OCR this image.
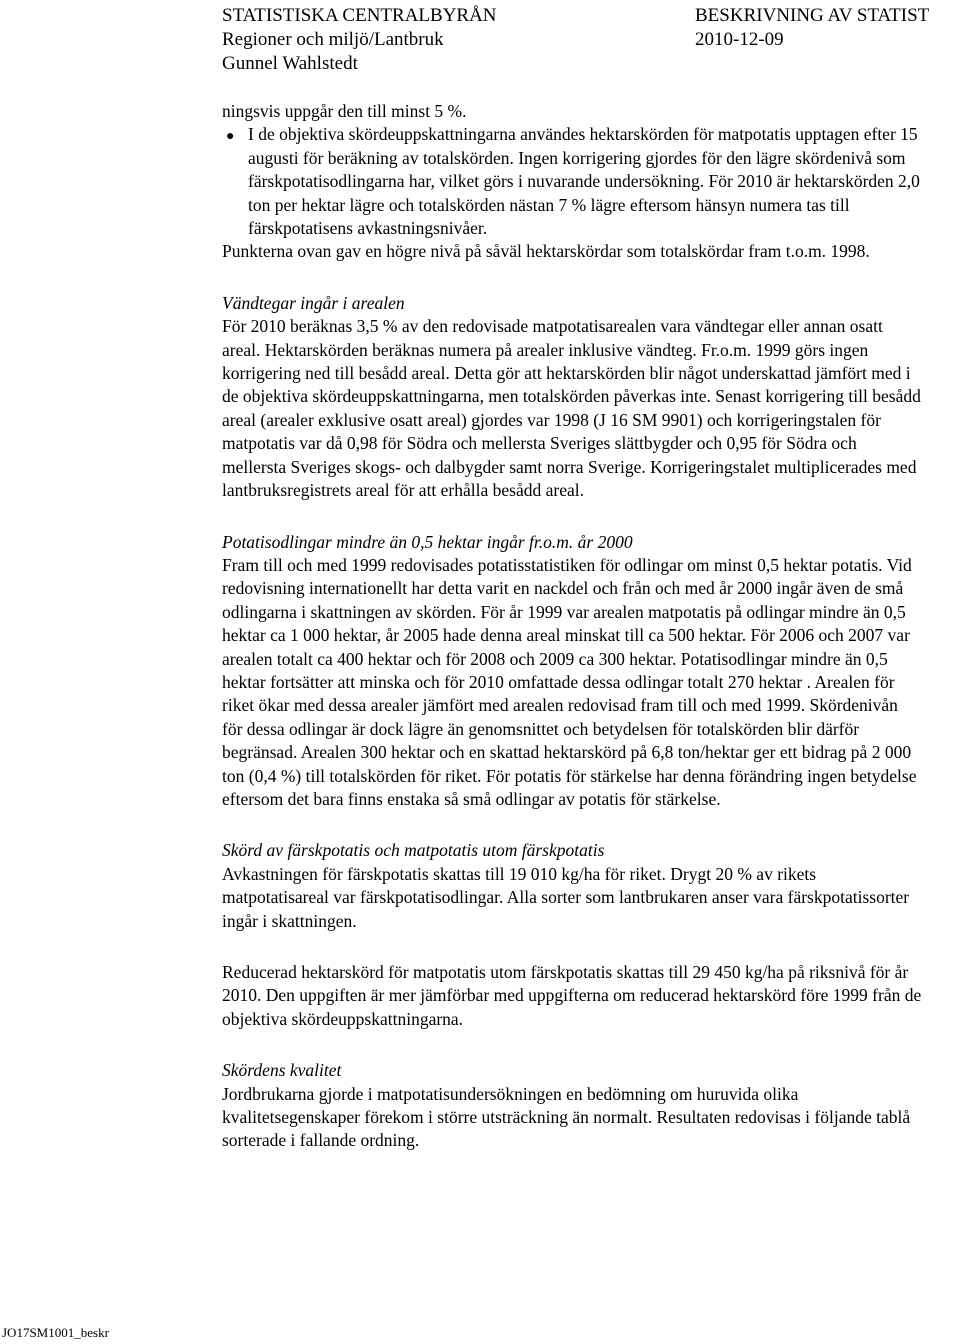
STATISTISKA CENTRALBYRÅN	BESKRIVNING AV STATIST
Regioner och miljö/Lantbruk	2010-12-09
Gunnel Wahlstedt

ningsvis uppgår den till minst 5 %.

● I de objektiva skördeuppskattningarna användes hektarskörden för matpotatis upptagen efter 15 augusti för beräkning av totalskörden. Ingen korrigering gjordes för den lägre skördenivå som färskpotatisodlingarna har, vilket görs i nuvarande undersökning. För 2010 är hektarskörden 2,0 ton per hektar lägre och totalskörden nästan 7 % lägre eftersom hänsyn numera tas till färskpotatisens avkastningsnivåer.

Punkterna ovan gav en högre nivå på såväl hektarskördar som totalskördar fram t.o.m. 1998.

Vändtegar ingår i arealen

För 2010 beräknas 3,5 % av den redovisade matpotatisarealen vara vändtegar eller annan osatt areal. Hektarskörden beräknas numera på arealer inklusive vändteg. Fr.o.m. 1999 görs ingen korrigering ned till besådd areal. Detta gör att hektarskörden blir något underskattad jämfört med i de objektiva skördeuppskattningarna, men totalskörden påverkas inte. Senast korrigering till besådd areal (arealer exklusive osatt areal) gjordes var 1998 (J 16 SM 9901) och korrigeringstalen för matpotatis var då 0,98 för Södra och mellersta Sveriges slättbygder och 0,95 för Södra och mellersta Sveriges skogs- och dalbygder samt norra Sverige. Korrigeringstalet multiplicerades med lantbruksregistrets areal för att erhålla besådd areal.

Potatisodlingar mindre än 0,5 hektar ingår fr.o.m. år 2000

Fram till och med 1999 redovisades potatisstatistiken för odlingar om minst 0,5 hektar potatis. Vid redovisning internationellt har detta varit en nackdel och från och med år 2000 ingår även de små odlingarna i skattningen av skörden. För år 1999 var arealen matpotatis på odlingar mindre än 0,5 hektar ca 1 000 hektar, år 2005 hade denna areal minskat till ca 500 hektar. För 2006 och 2007 var arealen totalt ca 400 hektar och för 2008 och 2009 ca 300 hektar. Potatisodlingar mindre än 0,5 hektar fortsätter att minska och för 2010 omfattade dessa odlingar totalt 270 hektar . Arealen för riket ökar med dessa arealer jämfört med arealen redovisad fram till och med 1999. Skördenivån för dessa odlingar är dock lägre än genomsnittet och betydelsen för totalskörden blir därför begränsad. Arealen 300 hektar och en skattad hektarskörd på 6,8 ton/hektar ger ett bidrag på 2 000 ton (0,4 %) till totalskörden för riket. För potatis för stärkelse har denna förändring ingen betydelse eftersom det bara finns enstaka så små odlingar av potatis för stärkelse.

Skörd av färskpotatis och matpotatis utom färskpotatis

Avkastningen för färskpotatis skattas till 19 010 kg/ha för riket. Drygt 20 % av rikets matpotatisareal var färskpotatisodlingar. Alla sorter som lantbrukaren anser vara färskpotatissorter ingår i skattningen.

Reducerad hektarskörd för matpotatis utom färskpotatis skattas till 29 450 kg/ha på riksnivå för år 2010. Den uppgiften är mer jämförbar med uppgifterna om reducerad hektarskörd före 1999 från de objektiva skördeuppskattningarna.

Skördens kvalitet

Jordbrukarna gjorde i matpotatisundersökningen en bedömning om huruvida olika kvalitetsegenskaper förekom i större utsträckning än normalt. Resultaten redovisas i följande tablå sorterade i fallande ordning.

JO17SM1001_beskr
